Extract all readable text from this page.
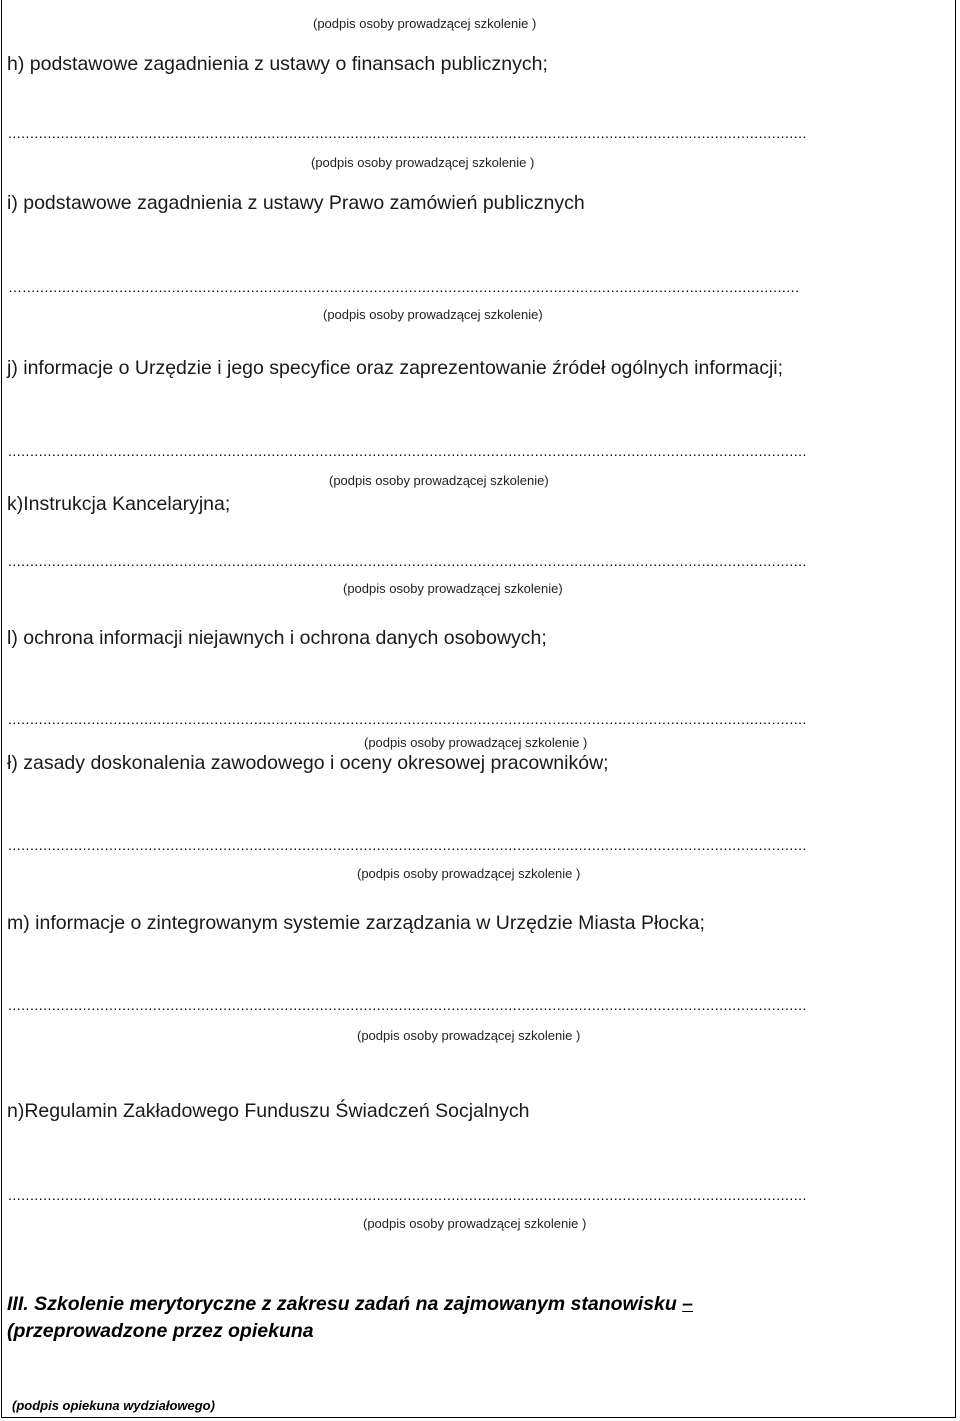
(podpis osoby prowadzącej szkolenie )
h) podstawowe zagadnienia z ustawy o finansach publicznych;
......................................................................................................................................................................................
(podpis osoby prowadzącej szkolenie )
i) podstawowe zagadnienia z ustawy Prawo zamówień publicznych
….................................................................................................................................................................................
(podpis osoby prowadzącej szkolenie)
j) informacje o Urzędzie i jego specyfice oraz zaprezentowanie źródeł ogólnych informacji;
......................................................................................................................................................................................
(podpis osoby prowadzącej szkolenie)
k)Instrukcja Kancelaryjna;
......................................................................................................................................................................................
(podpis osoby prowadzącej szkolenie)
l) ochrona informacji niejawnych i ochrona danych osobowych;
......................................................................................................................................................................................
(podpis osoby prowadzącej szkolenie )
ł) zasady doskonalenia zawodowego i oceny okresowej pracowników;
......................................................................................................................................................................................
(podpis osoby prowadzącej szkolenie )
m) informacje o zintegrowanym systemie zarządzania w Urzędzie Miasta Płocka;
......................................................................................................................................................................................
(podpis osoby prowadzącej szkolenie )
n)Regulamin Zakładowego Funduszu Świadczeń Socjalnych
......................................................................................................................................................................................
(podpis osoby prowadzącej szkolenie )
III. Szkolenie merytoryczne z zakresu zadań na zajmowanym stanowisku –
(przeprowadzone przez opiekuna
(podpis opiekuna wydziałowego)
